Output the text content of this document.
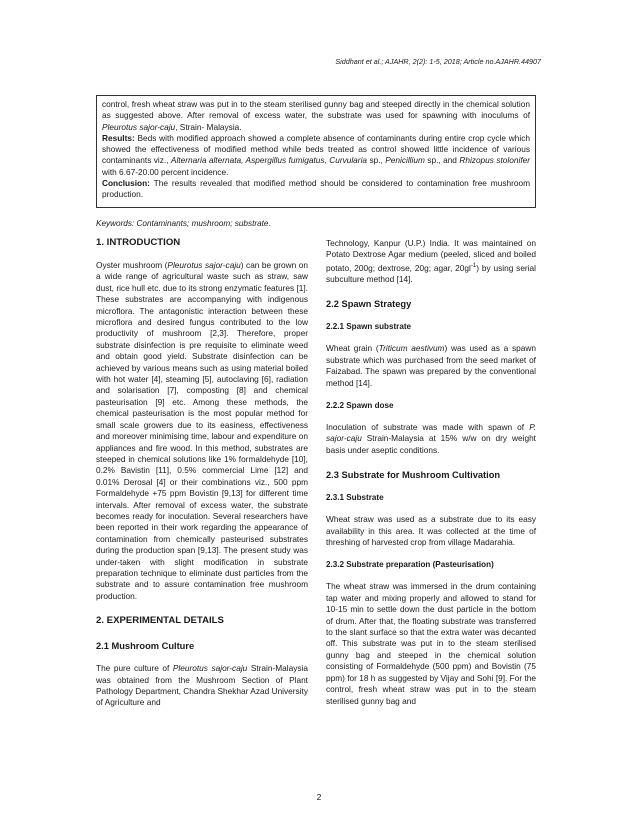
Siddhant et al.; AJAHR, 2(2): 1-5, 2018; Article no.AJAHR.44907

control, fresh wheat straw was put in to the steam sterilised gunny bag and steeped directly in the chemical solution as suggested above. After removal of excess water, the substrate was used for spawning with inoculums of Pleurotus sajor-caju, Strain- Malaysia.

Results: Beds with modified approach showed a complete absence of contaminants during entire crop cycle which showed the effectiveness of modified method while beds treated as control showed little incidence of various contaminants viz., Alternaria alternata, Aspergillus fumigatus, Curvularia sp., Penicillium sp., and Rhizopus stolonifer with 6.67-20.00 percent incidence.

Conclusion: The results revealed that modified method should be considered to contamination free mushroom production.

Keywords: Contaminants; mushroom; substrate.
1. INTRODUCTION

Oyster mushroom (Pleurotus sajor-caju) can be grown on a wide range of agricultural waste such as straw, saw dust, rice hull etc. due to its strong enzymatic features [1]. These substrates are accompanying with indigenous microflora. The antagonistic interaction between these microflora and desired fungus contributed to the low productivity of mushroom [2,3]. Therefore, proper substrate disinfection is pre requisite to eliminate weed and obtain good yield. Substrate disinfection can be achieved by various means such as using material boiled with hot water [4], steaming [5], autoclaving [6], radiation and solarisation [7], composting [8] and chemical pasteurisation [9] etc. Among these methods, the chemical pasteurisation is the most popular method for small scale growers due to its easiness, effectiveness and moreover minimising time, labour and expenditure on appliances and fire wood. In this method, substrates are steeped in chemical solutions like 1% formaldehyde [10], 0.2% Bavistin [11], 0.5% commercial Lime [12] and 0.01% Derosal [4] or their combinations viz., 500 ppm Formaldehyde +75 ppm Bovistin [9,13] for different time intervals. After removal of excess water, the substrate becomes ready for inoculation. Several researchers have been reported in their work regarding the appearance of contamination from chemically pasteurised substrates during the production span [9,13]. The present study was under-taken with slight modification in substrate preparation technique to eliminate dust particles from the substrate and to assure contamination free mushroom production.

2. EXPERIMENTAL DETAILS
2.1 Mushroom Culture

The pure culture of Pleurotus sajor-caju Strain-Malaysia was obtained from the Mushroom Section of Plant Pathology Department, Chandra Shekhar Azad University of Agriculture and

Technology, Kanpur (U.P.) India. It was maintained on Potato Dextrose Agar medium (peeled, sliced and boiled potato, 200g; dextrose, 20g; agar, $20gl^{-1}$) by using serial subculture method [14].

2.2 Spawn Strategy
2.2.1 Spawn substrate

Wheat grain (Triticum aestivum) was used as a spawn substrate which was purchased from the seed market of Faizabad. The spawn was prepared by the conventional method [14].

2.2.2 Spawn dose

Inoculation of substrate was made with spawn of P. sajor-caju Strain-Malaysia at 15% w/w on dry weight basis under aseptic conditions.

2.3 Substrate for Mushroom Cultivation
2.3.1 Substrate

Wheat straw was used as a substrate due to its easy availability in this area. It was collected at the time of threshing of harvested crop from village Madarahia.

2.3.2 Substrate preparation (Pasteurisation)

The wheat straw was immersed in the drum containing tap water and mixing properly and allowed to stand for 10-15 min to settle down the dust particle in the bottom of drum. After that, the floating substrate was transferred to the slant surface so that the extra water was decanted off. This substrate was put in to the steam sterilised gunny bag and steeped in the chemical solution consisting of Formaldehyde (500 ppm) and Bovistin (75 ppm) for 18 h as suggested by Vijay and Sohi [9]. For the control, fresh wheat straw was put in to the steam sterilised gunny bag and

2
